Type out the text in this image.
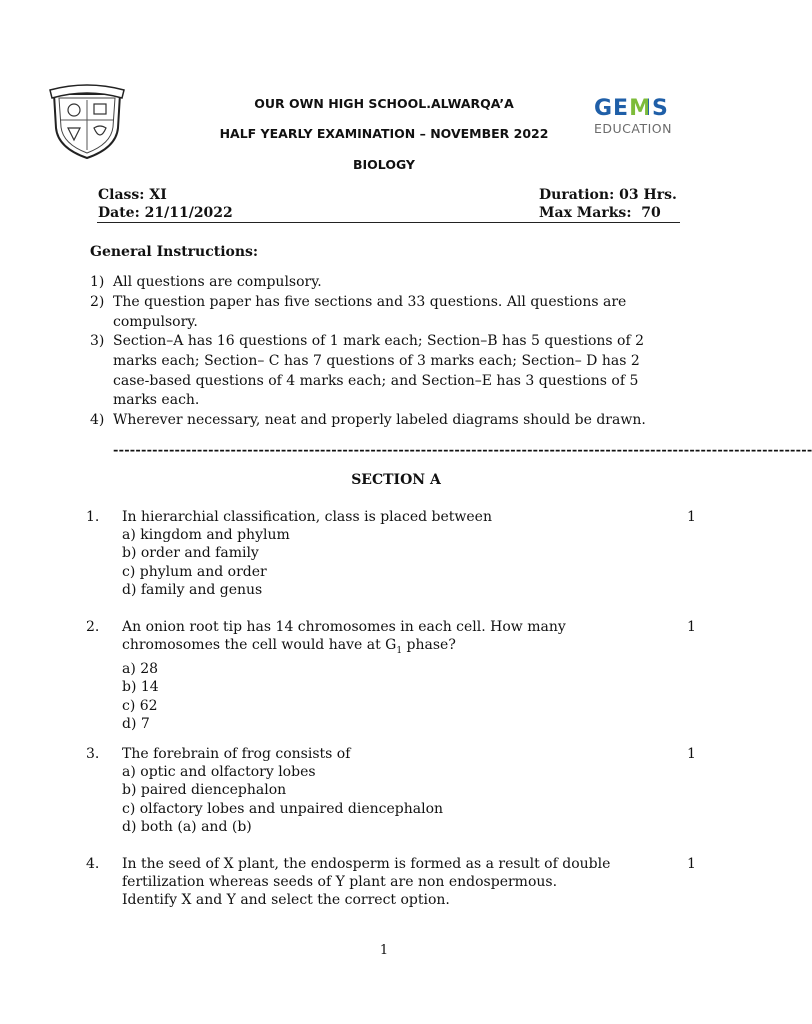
OUR OWN HIGH SCHOOL.ALWARQA’A
HALF YEARLY EXAMINATION – NOVEMBER 2022
BIOLOGY
GEMS
EDUCATION
Class: XI
Date: 21/11/2022
Duration: 03 Hrs.
Max Marks:  70
General Instructions:
1) All questions are compulsory.
2) The question paper has five sections and 33 questions. All questions are compulsory.
3) Section–A has 16 questions of 1 mark each; Section–B has 5 questions of 2 marks each; Section– C has 7 questions of 3 marks each; Section– D has 2 case-based questions of 4 marks each; and Section–E has 3 questions of 5 marks each.
4) Wherever necessary, neat and properly labeled diagrams should be drawn.
-----------------------------------------------------------------------------------------------------------------------------
SECTION A
1. In hierarchial classification, class is placed between
a) kingdom and phylum
b) order and family
c) phylum and order
d) family and genus
1
2. An onion root tip has 14 chromosomes in each cell. How many chromosomes the cell would have at $G_1$ phase?
a) 28
b) 14
c) 62
d) 7
1
3. The forebrain of frog consists of
a) optic and olfactory lobes
b) paired diencephalon
c) olfactory lobes and unpaired diencephalon
d) both (a) and (b)
1
4. In the seed of X plant, the endosperm is formed as a result of double
fertilization whereas seeds of Y plant are non endospermous.
Identify X and Y and select the correct option.
1
1
